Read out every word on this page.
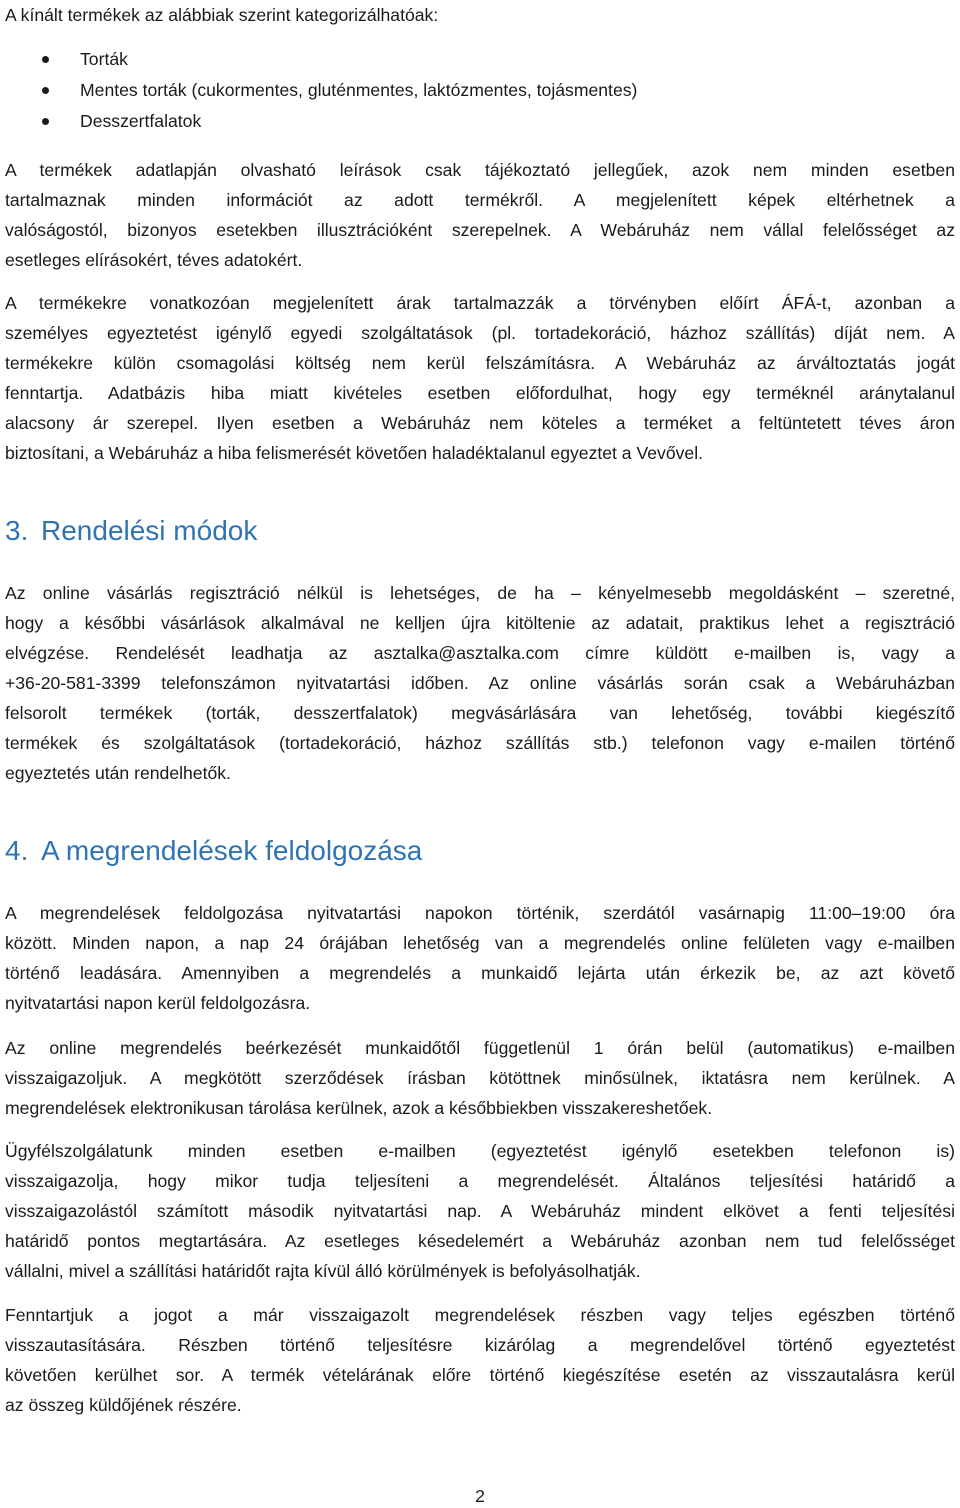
A kínált termékek az alábbiak szerint kategorizálhatóak:
Torták
Mentes torták (cukormentes, gluténmentes, laktózmentes, tojásmentes)
Desszertfalatok
A termékek adatlapján olvasható leírások csak tájékoztató jellegűek, azok nem minden esetben
tartalmaznak minden információt az adott termékről. A megjelenített képek eltérhetnek a
valóságostól, bizonyos esetekben illusztrációként szerepelnek. A Webáruház nem vállal felelősséget az
esetleges elírásokért, téves adatokért.
A termékekre vonatkozóan megjelenített árak tartalmazzák a törvényben előírt ÁFÁ-t, azonban a
személyes egyeztetést igénylő egyedi szolgáltatások (pl. tortadekoráció, házhoz szállítás) díját nem. A
termékekre külön csomagolási költség nem kerül felszámításra. A Webáruház az árváltoztatás jogát
fenntartja. Adatbázis hiba miatt kivételes esetben előfordulhat, hogy egy terméknél aránytalanul
alacsony ár szerepel. Ilyen esetben a Webáruház nem köteles a terméket a feltüntetett téves áron
biztosítani, a Webáruház a hiba felismerését követően haladéktalanul egyeztet a Vevővel.
3. Rendelési módok
Az online vásárlás regisztráció nélkül is lehetséges, de ha – kényelmesebb megoldásként – szeretné,
hogy a későbbi vásárlások alkalmával ne kelljen újra kitöltenie az adatait, praktikus lehet a regisztráció
elvégzése. Rendelését leadhatja az asztalka@asztalka.com címre küldött e-mailben is, vagy a
+36-20-581-3399 telefonszámon nyitvatartási időben. Az online vásárlás során csak a Webáruházban
felsorolt termékek (torták, desszertfalatok) megvásárlására van lehetőség, további kiegészítő
termékek és szolgáltatások (tortadekoráció, házhoz szállítás stb.) telefonon vagy e-mailen történő
egyeztetés után rendelhetők.
4. A megrendelések feldolgozása
A megrendelések feldolgozása nyitvatartási napokon történik, szerdától vasárnapig 11:00–19:00 óra
között. Minden napon, a nap 24 órájában lehetőség van a megrendelés online felületen vagy e-mailben
történő leadására. Amennyiben a megrendelés a munkaidő lejárta után érkezik be, az azt követő
nyitvatartási napon kerül feldolgozásra.
Az online megrendelés beérkezését munkaidőtől függetlenül 1 órán belül (automatikus) e-mailben
visszaigazoljuk. A megkötött szerződések írásban kötöttnek minősülnek, iktatásra nem kerülnek. A
megrendelések elektronikusan tárolása kerülnek, azok a későbbiekben visszakereshetőek.
Ügyfélszolgálatunk minden esetben e-mailben (egyeztetést igénylő esetekben telefonon is)
visszaigazolja, hogy mikor tudja teljesíteni a megrendelését. Általános teljesítési határidő a
visszaigazolástól számított második nyitvatartási nap. A Webáruház mindent elkövet a fenti teljesítési
határidő pontos megtartására. Az esetleges késedelemért a Webáruház azonban nem tud felelősséget
vállalni, mivel a szállítási határidőt rajta kívül álló körülmények is befolyásolhatják.
Fenntartjuk a jogot a már visszaigazolt megrendelések részben vagy teljes egészben történő
visszautasítására. Részben történő teljesítésre kizárólag a megrendelővel történő egyeztetést
követően kerülhet sor. A termék vételárának előre történő kiegészítése esetén az visszautalásra kerül
az összeg küldőjének részére.
2
